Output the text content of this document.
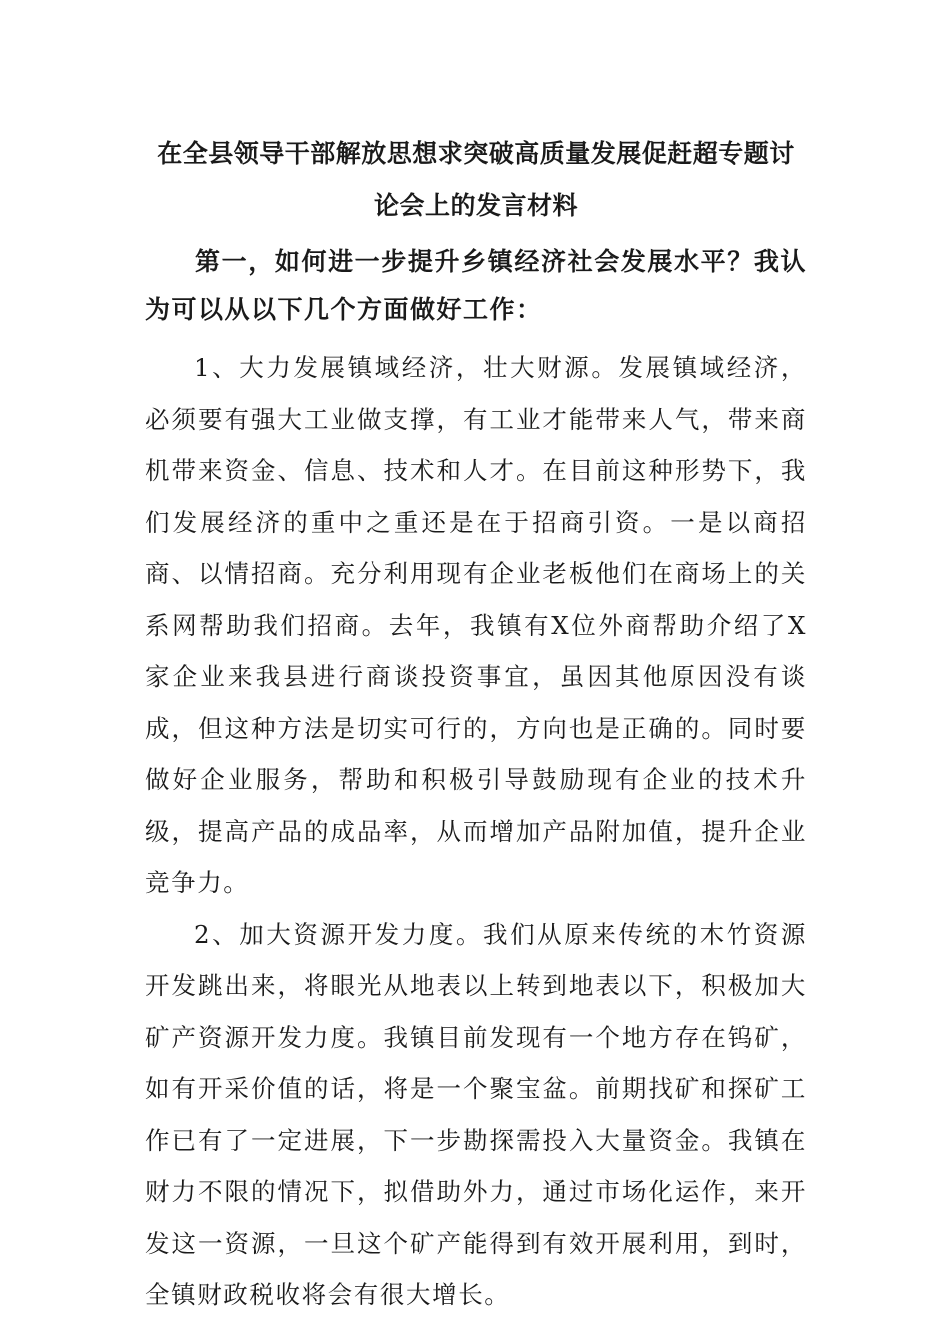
在全县领导干部解放思想求突破高质量发展促赶超专题讨论会上的发言材料

第一，如何进一步提升乡镇经济社会发展水平？我认为可以从以下几个方面做好工作：

1、大力发展镇域经济，壮大财源。发展镇域经济，必须要有强大工业做支撑，有工业才能带来人气，带来商机带来资金、信息、技术和人才。在目前这种形势下，我们发展经济的重中之重还是在于招商引资。一是以商招商、以情招商。充分利用现有企业老板他们在商场上的关系网帮助我们招商。去年，我镇有X位外商帮助介绍了X家企业来我县进行商谈投资事宜，虽因其他原因没有谈成，但这种方法是切实可行的，方向也是正确的。同时要做好企业服务，帮助和积极引导鼓励现有企业的技术升级，提高产品的成品率，从而增加产品附加值，提升企业竞争力。

2、加大资源开发力度。我们从原来传统的木竹资源开发跳出来，将眼光从地表以上转到地表以下，积极加大矿产资源开发力度。我镇目前发现有一个地方存在钨矿，如有开采价值的话，将是一个聚宝盆。前期找矿和探矿工作已有了一定进展，下一步勘探需投入大量资金。我镇在财力不限的情况下，拟借助外力，通过市场化运作，来开发这一资源，一旦这个矿产能得到有效开展利用，到时，全镇财政税收将会有很大增长。
